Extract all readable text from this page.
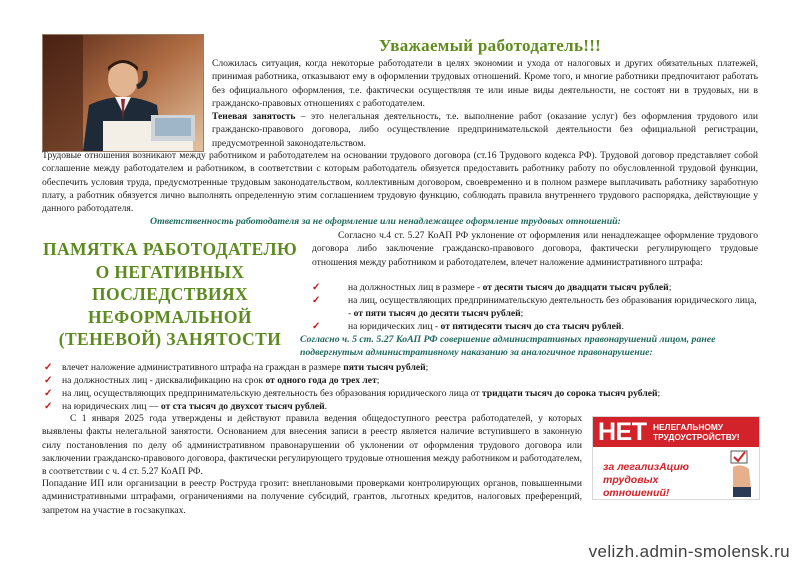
Уважаемый работодатель!!!
Сложилась ситуация, когда некоторые работодатели в целях экономии и ухода от налоговых и других обязательных платежей, принимая работника, отказывают ему в оформлении трудовых отношений. Кроме того, и многие работники предпочитают работать без официального оформления, т.е. фактически осуществляя те или иные виды деятельности, не состоят ни в трудовых, ни в гражданско-правовых отношениях с работодателем.
Теневая занятость – это нелегальная деятельность, т.е. выполнение работ (оказание услуг) без оформления трудового или гражданско-правового договора, либо осуществление предпринимательской деятельности без официальной регистрации, предусмотренной законодательством.
Трудовые отношения возникают между работником и работодателем на основании трудового договора (ст.16 Трудового кодекса РФ). Трудовой договор представляет собой соглашение между работодателем и работником, в соответствии с которым работодатель обязуется предоставить работнику работу по обусловленной трудовой функции, обеспечить условия труда, предусмотренные трудовым законодательством, коллективным договором, своевременно и в полном размере выплачивать работнику заработную плату, а работник обязуется лично выполнять определенную этим соглашением трудовую функцию, соблюдать правила внутреннего трудового распорядка, действующие у данного работодателя.
Ответственность работодателя за не оформление или ненадлежащее оформление трудовых отношений:
ПАМЯТКА РАБОТОДАТЕЛЮ О НЕГАТИВНЫХ ПОСЛЕДСТВИЯХ НЕФОРМАЛЬНОЙ (ТЕНЕВОЙ) ЗАНЯТОСТИ
Согласно ч.4 ст. 5.27 КоАП РФ уклонение от оформления или ненадлежащее оформление трудового договора либо заключение гражданско-правового договора, фактически регулирующего трудовые отношения между работником и работодателем, влечет наложение административного штрафа:
✓	на должностных лиц в размере - от десяти тысяч до двадцати тысяч рублей;
✓	на лиц, осуществляющих предпринимательскую деятельность без образования юридического лица, - от пяти тысяч до десяти тысяч рублей;
✓	на юридических лиц - от пятидесяти тысяч до ста тысяч рублей.
Согласно ч. 5 ст. 5.27 КоАП РФ совершение административных правонарушений лицом, ранее подвергнутым административному наказанию за аналогичное правонарушение:
✓ влечет наложение административного штрафа на граждан в размере пяти тысяч рублей;
✓ на должностных лиц - дисквалификацию на срок от одного года до трех лет;
✓ на лиц, осуществляющих предпринимательскую деятельность без образования юридического лица от тридцати тысяч до сорока тысяч рублей;
✓ на юридических лиц — от ста тысяч до двухсот тысяч рублей.
С 1 января 2025 года утверждены и действуют правила ведения общедоступного реестра работодателей, у которых выявлены факты нелегальной занятости. Основанием для внесения записи в реестр является наличие вступившего в законную силу постановления по делу об административном правонарушении об уклонении от оформления трудового договора или заключении гражданско-правового договора, фактически регулирующего трудовые отношения между работником и работодателем, в соответствии с ч. 4 ст. 5.27 КоАП РФ.
Попадание ИП или организации в реестр Роструда грозит: внеплановыми проверками контролирующих органов, повышенными административными штрафами, ограничениями на получение субсидий, грантов, льготных кредитов, налоговых преференций, запретом на участие в госзакупках.
НЕТ НЕЛЕГАЛЬНОМУ ТРУДОУСТРОЙСТВУ!
за легализАцию трудовых отношений!
velizh.admin-smolensk.ru
